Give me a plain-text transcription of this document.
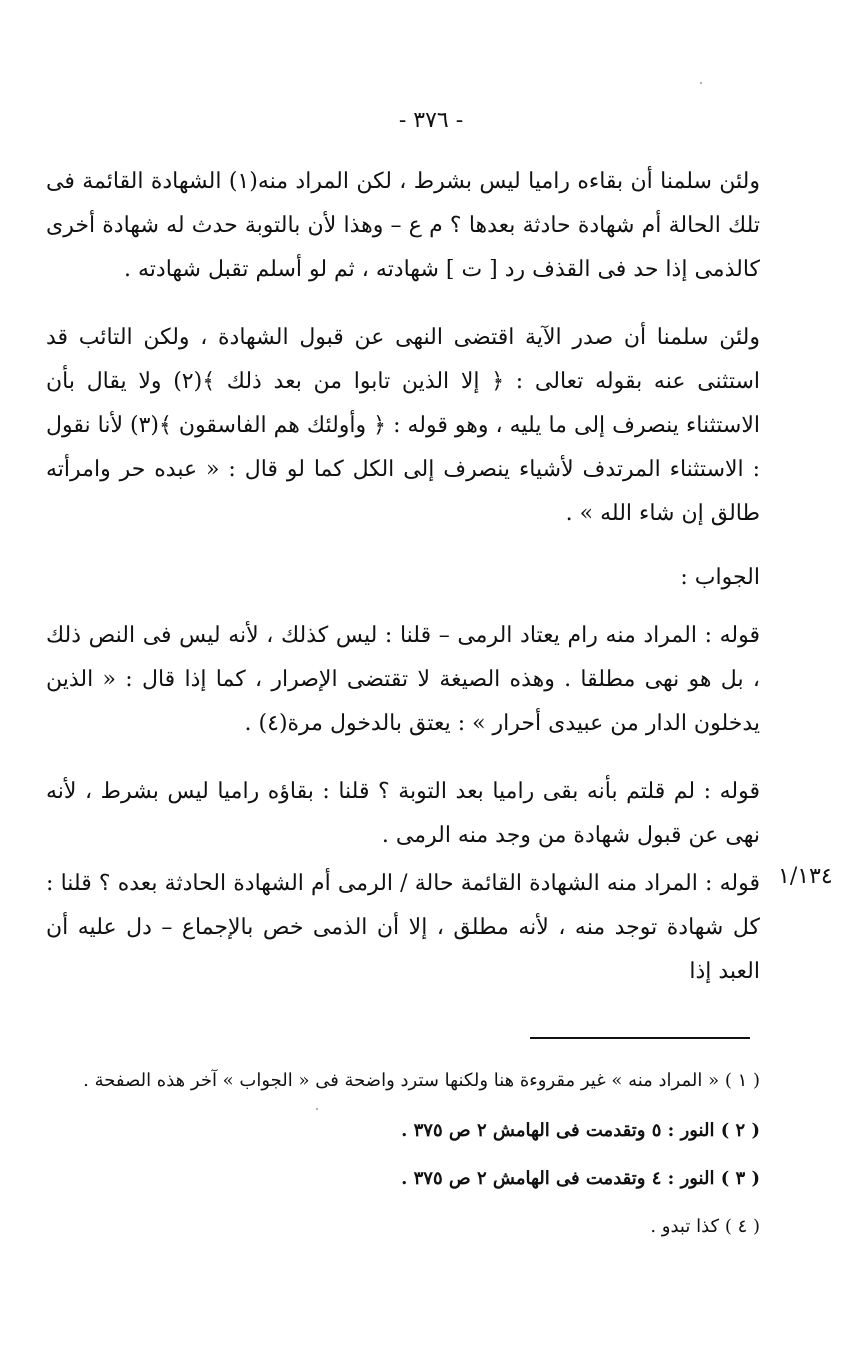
- ٣٧٦ -

ولئن سلمنا أن بقاءه راميا ليس بشرط ، لكن المراد منه(١) الشهادة القائمة فى تلك الحالة أم شهادة حادثة بعدها ؟ م ع – وهذا لأن بالتوبة حدث له شهادة أخرى كالذمى إذا حد فى القذف رد [ ت ] شهادته ، ثم لو أسلم تقبل شهادته .

ولئن سلمنا أن صدر الآية اقتضى النهى عن قبول الشهادة ، ولكن التائب قد استثنى عنه بقوله تعالى : ﴿ إلا الذين تابوا من بعد ذلك ﴾(٢) ولا يقال بأن الاستثناء ينصرف إلى ما يليه ، وهو قوله : ﴿ وأولئك هم الفاسقون ﴾(٣) لأنا نقول : الاستثناء المرتدف لأشياء ينصرف إلى الكل كما لو قال : « عبده حر وامرأته طالق إن شاء الله » .

الجواب :

قوله : المراد منه رام يعتاد الرمى – قلنا : ليس كذلك ، لأنه ليس فى النص ذلك ، بل هو نهى مطلقا . وهذه الصيغة لا تقتضى الإصرار ، كما إذا قال : « الذين يدخلون الدار من عبيدى أحرار » : يعتق بالدخول مرة(٤) .

قوله : لم قلتم بأنه بقى راميا بعد التوبة ؟ قلنا : بقاؤه راميا ليس بشرط ، لأنه نهى عن قبول شهادة من وجد منه الرمى .

قوله : المراد منه الشهادة القائمة حالة / الرمى أم الشهادة الحادثة بعده ؟ قلنا : كل شهادة توجد منه ، لأنه مطلق ، إلا أن الذمى خص بالإجماع – دل عليه أن العبد إذا

١/١٣٤

( ١ ) « المراد منه » غير مقروءة هنا ولكنها سترد واضحة فى « الجواب » آخر هذه الصفحة .

( ٢ ) النور : ٥ وتقدمت فى الهامش ٢ ص ٣٧٥ .

( ٣ ) النور : ٤ وتقدمت فى الهامش ٢ ص ٣٧٥ .

( ٤ ) كذا تبدو .
